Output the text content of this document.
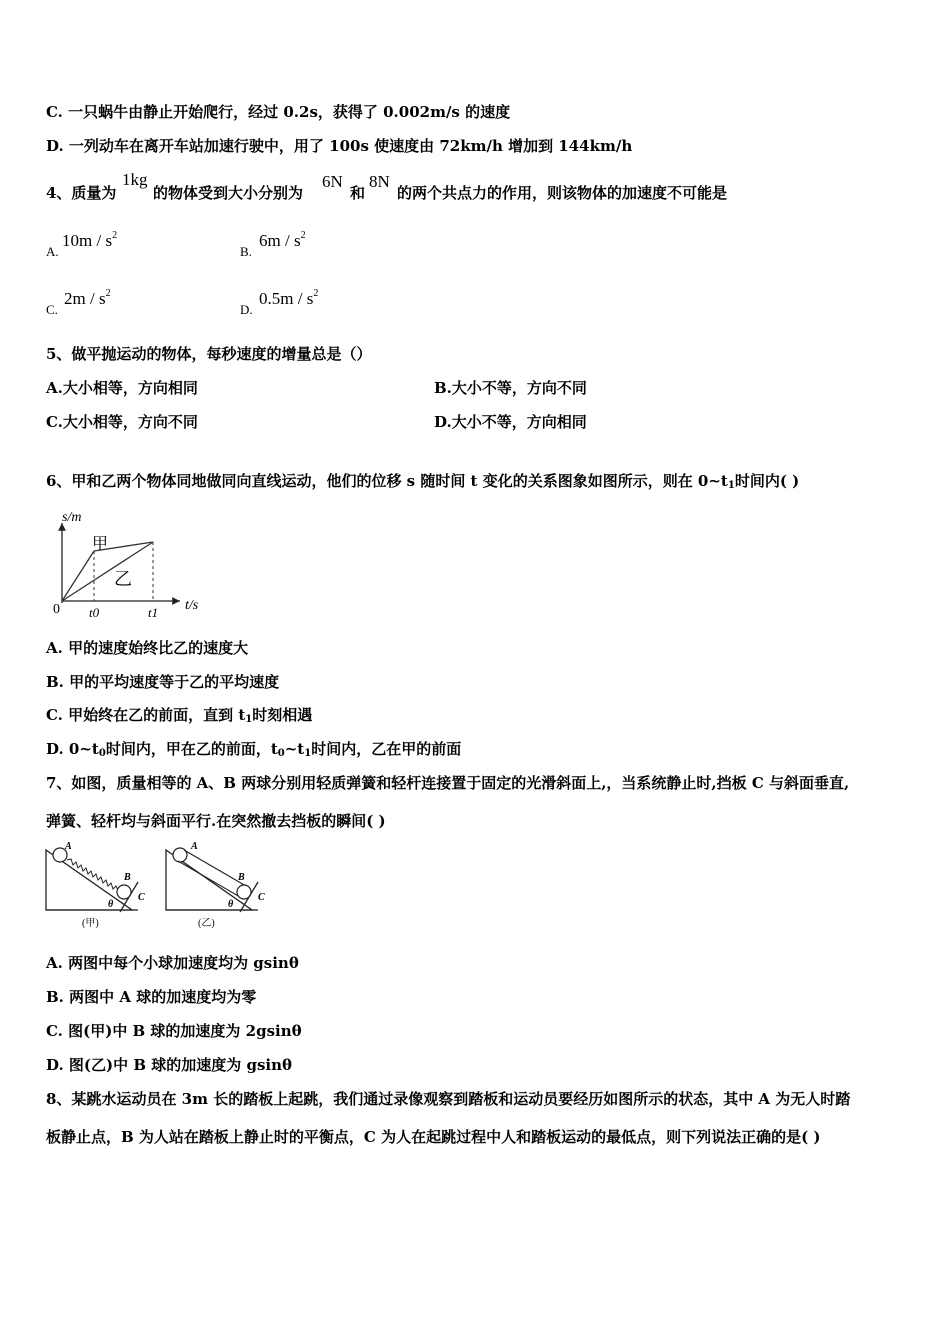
C. 一只蜗牛由静止开始爬行，经过 0.2s，获得了 0.002m/s 的速度
D. 一列动车在离开车站加速行驶中，用了 100s 使速度由 72km/h 增加到 144km/h
4、质量为
1kg
的物体受到大小分别为
6N
和
8N
的两个共点力的作用，则该物体的加速度不可能是
A.
$10m / s^2$
B.
$6m / s^2$
C.
$2m / s^2$
D.
$0.5m / s^2$
5、做平抛运动的物体，每秒速度的增量总是（）
A.大小相等，方向相同	B.大小不等，方向不同
C.大小相等，方向不同	D.大小不等，方向相同
6、甲和乙两个物体同地做同向直线运动，他们的位移 s 随时间 t 变化的关系图象如图所示，则在 $0\sim t_1$时间内( )
s/m
t/s
0 t0	t1
甲
乙
A. 甲的速度始终比乙的速度大
B. 甲的平均速度等于乙的平均速度
C. 甲始终在乙的前面，直到 $t_1$时刻相遇
D. $0\sim t_0$时间内，甲在乙的前面，$t_0\sim t_1$时间内，乙在甲的前面
7、如图，质量相等的 A、B 两球分别用轻质弹簧和轻杆连接置于固定的光滑斜面上,，当系统静止时,挡板 C 与斜面垂直,
弹簧、轻杆均与斜面平行.在突然撤去挡板的瞬间( )
A
B
C
θ
(甲)
A
B
C
θ
(乙)
A. 两图中每个小球加速度均为 gsinθ
B. 两图中 A 球的加速度均为零
C. 图(甲)中 B 球的加速度为 2gsinθ
D. 图(乙)中 B 球的加速度为 gsinθ
8、某跳水运动员在 3m 长的踏板上起跳，我们通过录像观察到踏板和运动员要经历如图所示的状态，其中 A 为无人时踏
板静止点，B 为人站在踏板上静止时的平衡点，C 为人在起跳过程中人和踏板运动的最低点，则下列说法正确的是( )
